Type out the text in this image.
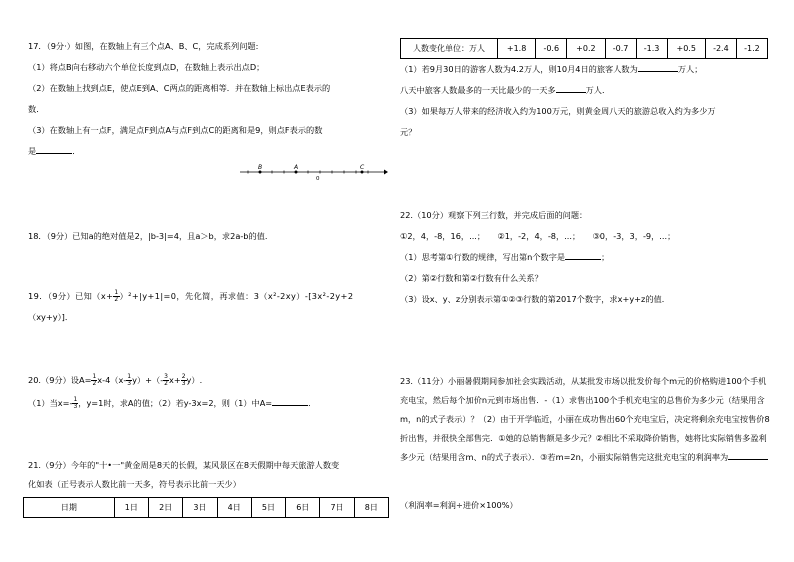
17．（9分·）如图，在数轴上有三个点A、B、C，完成系列问题:
（1）将点B向右移动六个单位长度到点D，在数轴上表示出点D；
（2）在数轴上找到点E，使点E到A、C两点的距离相等．并在数轴上标出点E表示的
数．
（3）在数轴上有一点F，满足点F到点A与点F到点C的距离和是9，则点F表示的数
是	．
B	A	C
0
18．（9分）已知a的绝对值是2，|b-3|=4，且a＞b，求2a-b的值.
19．（9分）已知$(x+ \frac{1}{2} )^2+|y+1|=0$，先化简，再求值：3（x²-2xy）-[3x²-2y+2
（xy+y）]．
20.（9分）设$A= \frac{1}{2} x-4(x- \frac{1}{3} y)+(- \frac{3}{2} x+ \frac{2}{3} y)$.
（1）当$x=- \frac{1}{3}$ ，y=1时，求A的值；（2）若y-3x=2，则（1）中A=	．
21.（9分）今年的"十•一"黄金周是8天的长假，某风景区在8天假期中每天旅游人数变
化如表（正号表示人数比前一天多，符号表示比前一天少）
日期	1日	2日	3日	4日	5日	6日	7日	8日
人数变化单位：万人	+1.8	-0.6	+0.2	-0.7	-1.3	+0.5	-2.4	-1.2
（1）若9月30日的游客人数为4.2万人，则10月4日的旅客人数为	万人；
八天中旅客人数最多的一天比最少的一天多	万人．
（3）如果每万人带来的经济收入约为100万元，则黄金周八天的旅游总收入约为多少万
元？
22.（10分）观察下列三行数，并完成后面的问题：
①2，4，-8，16，...；　　②1，-2，4，-8，...；　　③0，-3，3，-9，...；
（1）思考第①行数的规律，写出第n个数字是	；
（2）第②行数和第②行数有什么关系？
（3）设x、y、z分别表示第①②③行数的第2017个数字，求x+y+z的值．
23.（11分）小丽暑假期间参加社会实践活动，从某批发市场以批发价每个m元的价格购进100个手机充电宝，然后每个加价n元到市场出售．-（1）求售出100个手机充电宝的总售价为多少元（结果用含m，n的式子表示）？（2）由于开学临近，小丽在成功售出60个充电宝后，决定将剩余充电宝按售价8折出售，并很快全部售完．①她的总销售额是多少元？②相比不采取降价销售，她将比实际销售多盈利多少元（结果用含m、n的式子表示）．③若m=2n，小丽实际销售完这批充电宝的利润率为
（利润率=利润÷进价×100%）
